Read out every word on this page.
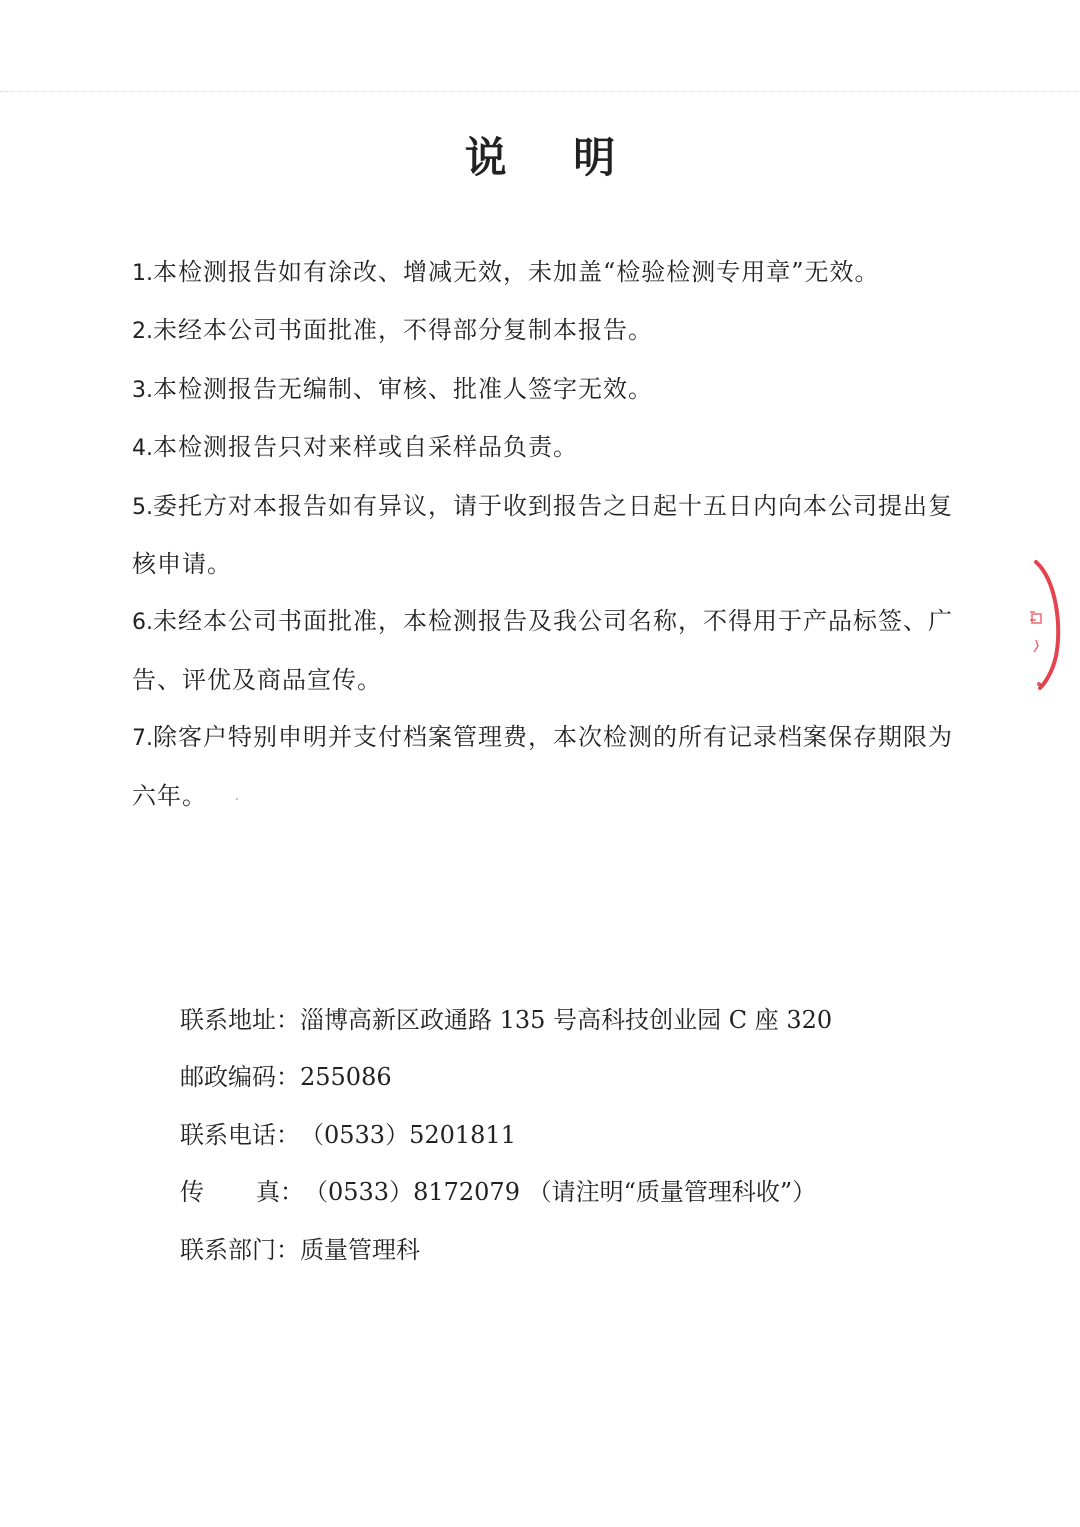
说 明
1.本检测报告如有涂改、增减无效，未加盖“检验检测专用章”无效。
2.未经本公司书面批准，不得部分复制本报告。
3.本检测报告无编制、审核、批准人签字无效。
4.本检测报告只对来样或自采样品负责。
5.委托方对本报告如有异议，请于收到报告之日起十五日内向本公司提出复核申请。
6.未经本公司书面批准，本检测报告及我公司名称，不得用于产品标签、广告、评优及商品宣传。
7.除客户特别申明并支付档案管理费，本次检测的所有记录档案保存期限为六年。
联系地址：淄博高新区政通路 135 号高科技创业园 C 座 320
邮政编码：255086
联系电话：（0533）5201811
传真：（0533）8172079 （请注明“质量管理科收”）
联系部门：质量管理科
